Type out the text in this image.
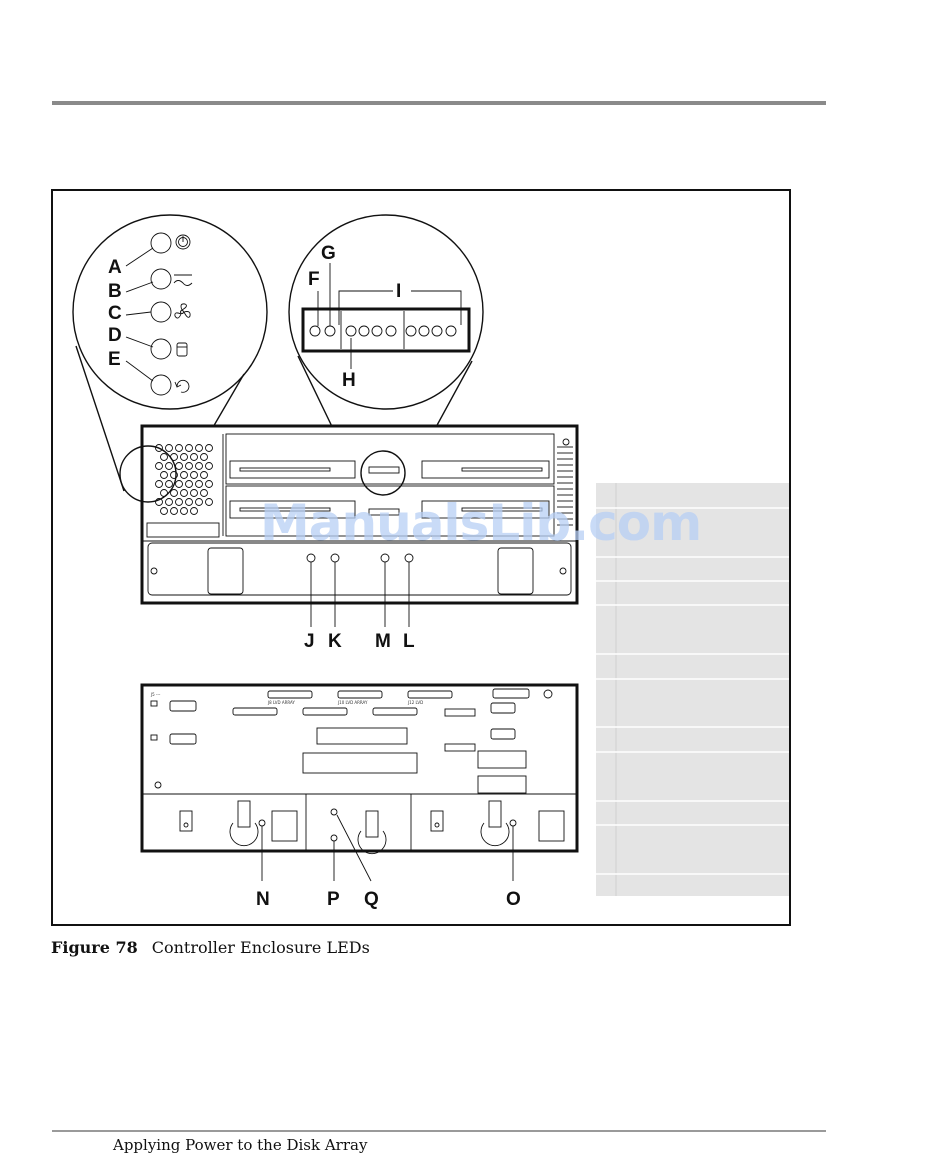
A
B
C
D
E
F
G
H
I
J K M L
J5 ---
J8 LVD ARRAY	J10 LVD ARRAY	J12 LVD
N	P Q	O
ManualsLib.com
Figure 78 Controller Enclosure LEDs
Applying Power to the Disk Array
